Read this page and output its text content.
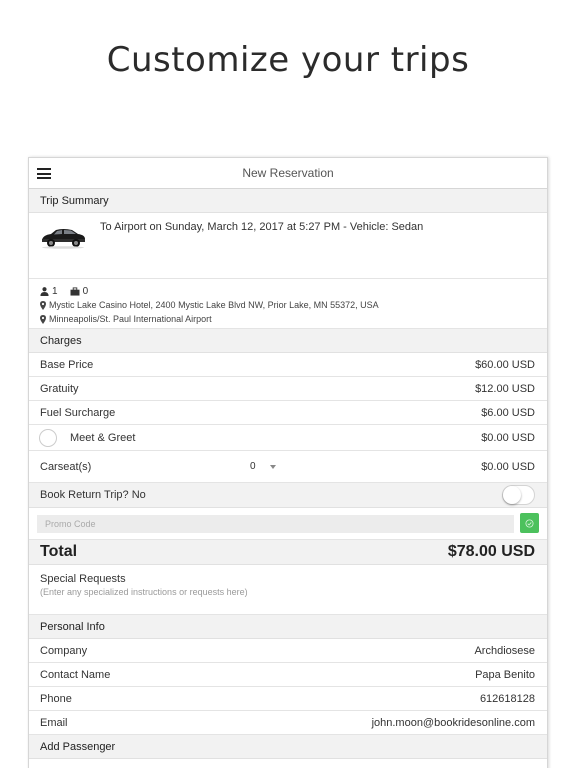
Customize your trips
New Reservation
Trip Summary
To Airport on Sunday, March 12, 2017 at 5:27 PM - Vehicle: Sedan
1	0
Mystic Lake Casino Hotel, 2400 Mystic Lake Blvd NW, Prior Lake, MN 55372, USA
Minneapolis/St. Paul International Airport
Charges
Base Price	$60.00 USD
Gratuity	$12.00 USD
Fuel Surcharge	$6.00 USD
Meet & Greet	$0.00 USD
Carseat(s)	0	$0.00 USD
Book Return Trip? No
Promo Code
Total	$78.00 USD
Special Requests
(Enter any specialized instructions or requests here)
Personal Info
Company	Archdiosese
Contact Name	Papa Benito
Phone	612618128
Email	john.moon@bookridesonline.com
Add Passenger
